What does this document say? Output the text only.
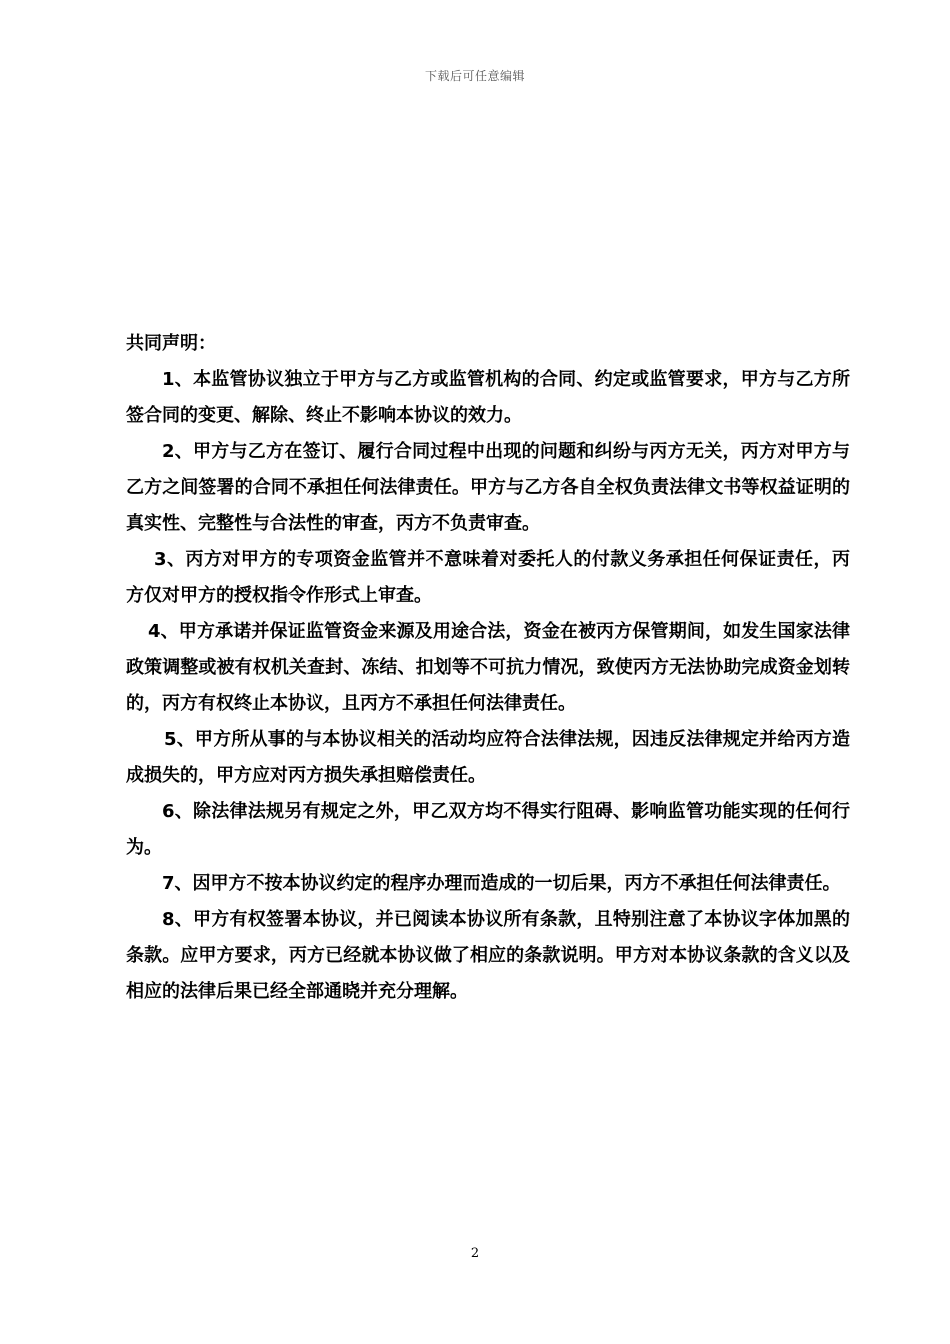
下载后可任意编辑
共同声明：

1、本监管协议独立于甲方与乙方或监管机构的合同、约定或监管要求，甲方与乙方所签合同的变更、解除、终止不影响本协议的效力。

2、甲方与乙方在签订、履行合同过程中出现的问题和纠纷与丙方无关，丙方对甲方与乙方之间签署的合同不承担任何法律责任。甲方与乙方各自全权负责法律文书等权益证明的真实性、完整性与合法性的审查，丙方不负责审查。

3、丙方对甲方的专项资金监管并不意味着对委托人的付款义务承担任何保证责任，丙方仅对甲方的授权指令作形式上审查。

4、甲方承诺并保证监管资金来源及用途合法，资金在被丙方保管期间，如发生国家法律政策调整或被有权机关查封、冻结、扣划等不可抗力情况，致使丙方无法协助完成资金划转的，丙方有权终止本协议，且丙方不承担任何法律责任。

5、甲方所从事的与本协议相关的活动均应符合法律法规，因违反法律规定并给丙方造成损失的，甲方应对丙方损失承担赔偿责任。

6、除法律法规另有规定之外，甲乙双方均不得实行阻碍、影响监管功能实现的任何行为。

7、因甲方不按本协议约定的程序办理而造成的一切后果，丙方不承担任何法律责任。

8、甲方有权签署本协议，并已阅读本协议所有条款，且特别注意了本协议字体加黑的条款。应甲方要求，丙方已经就本协议做了相应的条款说明。甲方对本协议条款的含义以及相应的法律后果已经全部通晓并充分理解。

2
